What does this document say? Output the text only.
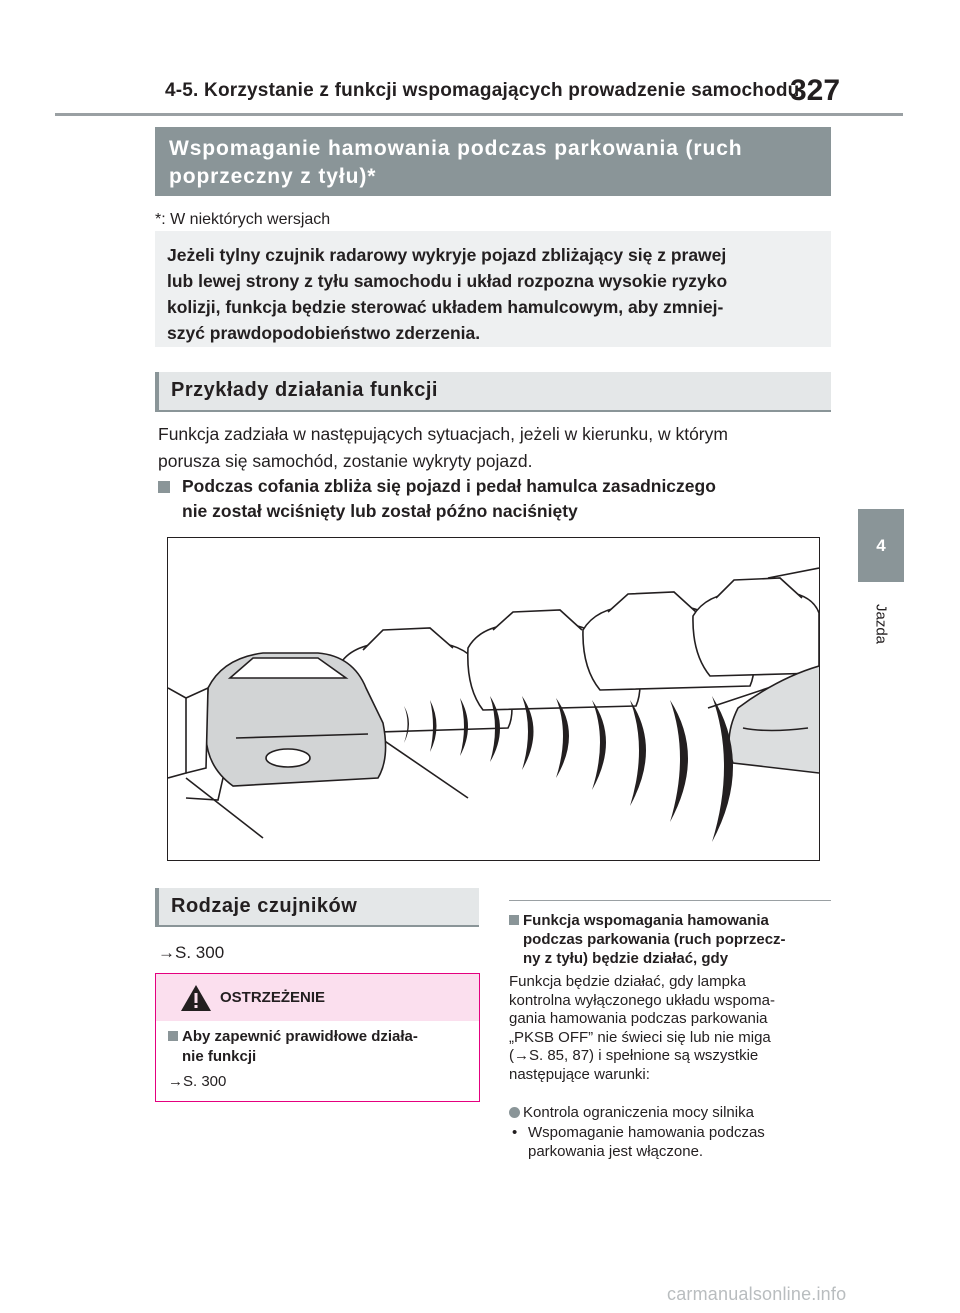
4-5. Korzystanie z funkcji wspomagających prowadzenie samochodu
327
4
Jazda
Wspomaganie hamowania podczas parkowania (ruch
poprzeczny z tyłu)*
*: W niektórych wersjach
Jeżeli tylny czujnik radarowy wykryje pojazd zbliżający się z prawej
lub lewej strony z tyłu samochodu i układ rozpozna wysokie ryzyko
kolizji, funkcja będzie sterować układem hamulcowym, aby zmniej-
szyć prawdopodobieństwo zderzenia.
Przykłady działania funkcji
Funkcja zadziała w następujących sytuacjach, jeżeli w kierunku, w którym
porusza się samochód, zostanie wykryty pojazd.
Podczas cofania zbliża się pojazd i pedał hamulca zasadniczego
nie został wciśnięty lub został późno naciśnięty
Rodzaje czujników
→S. 300
OSTRZEŻENIE
Aby zapewnić prawidłowe działa-
nie funkcji
→S. 300
Funkcja wspomagania hamowania
podczas parkowania (ruch poprzecz-
ny z tyłu) będzie działać, gdy
Funkcja będzie działać, gdy lampka
kontrolna wyłączonego układu wspoma-
gania hamowania podczas parkowania
„PKSB OFF” nie świeci się lub nie miga
(→S. 85, 87) i spełnione są wszystkie
następujące warunki:
Kontrola ograniczenia mocy silnika
• Wspomaganie hamowania podczas
parkowania jest włączone.
carmanualsonline.info
